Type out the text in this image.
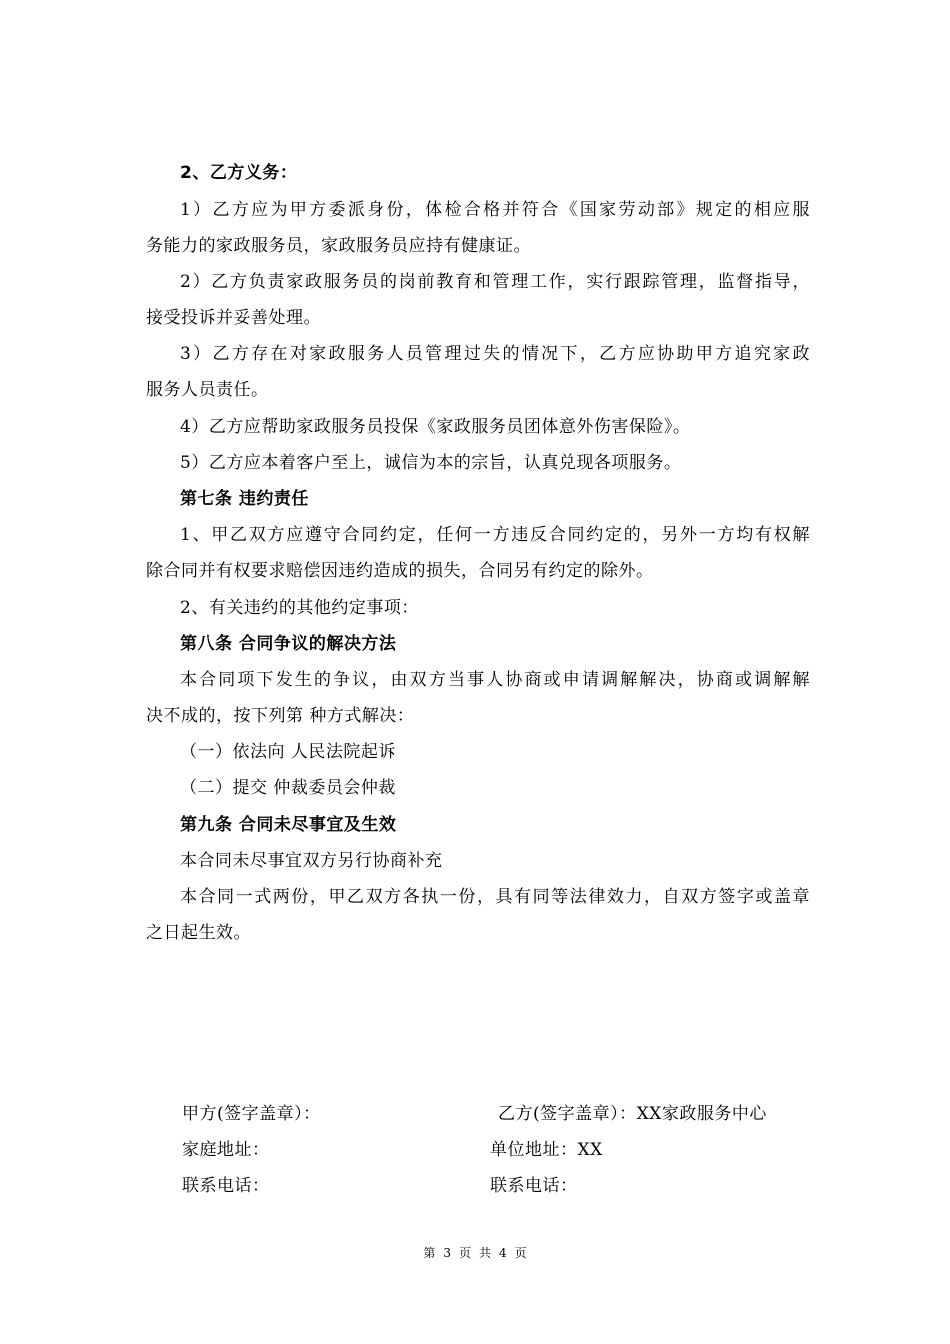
2、乙方义务：
1）乙方应为甲方委派身份，体检合格并符合《国家劳动部》规定的相应服
务能力的家政服务员，家政服务员应持有健康证。
2）乙方负责家政服务员的岗前教育和管理工作，实行跟踪管理，监督指导，
接受投诉并妥善处理。
3）乙方存在对家政服务人员管理过失的情况下，乙方应协助甲方追究家政
服务人员责任。
4）乙方应帮助家政服务员投保《家政服务员团体意外伤害保险》。
5）乙方应本着客户至上，诚信为本的宗旨，认真兑现各项服务。
第七条 违约责任
1、甲乙双方应遵守合同约定，任何一方违反合同约定的，另外一方均有权解
除合同并有权要求赔偿因违约造成的损失，合同另有约定的除外。
2、有关违约的其他约定事项：
第八条 合同争议的解决方法
本合同项下发生的争议，由双方当事人协商或申请调解解决，协商或调解解
决不成的，按下列第 种方式解决：
（一）依法向 人民法院起诉
（二）提交 仲裁委员会仲裁
第九条 合同未尽事宜及生效
本合同未尽事宜双方另行协商补充
本合同一式两份，甲乙双方各执一份，具有同等法律效力，自双方签字或盖章
之日起生效。
甲方(签字盖章）：
家庭地址：
联系电话：
乙方(签字盖章）：XX家政服务中心
单位地址：XX
联系电话：
第 3 页 共 4 页
